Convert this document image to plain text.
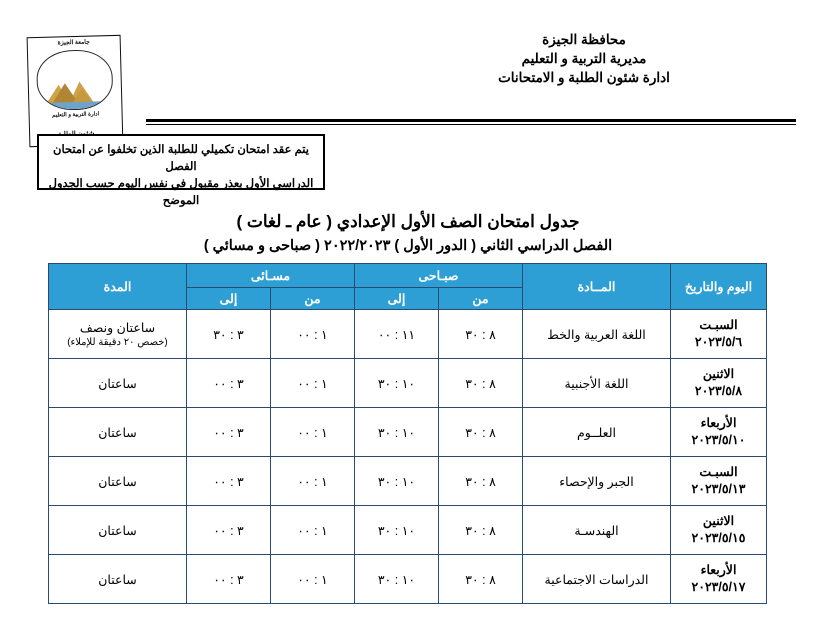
محافظة الجيزة
مديرية التربية و التعليم
ادارة شئون الطلبة و الامتحانات
جامعة الجيزة
ادارة التربية و التعليم

يتم عقد امتحان تكميلي للطلبة الذين تخلفوا عن امتحان الفصل

الدراسي الأول بعذر مقبول في نفس اليوم حسب الجدول الموضح

جدول امتحان الصف الأول الإعدادي ( عام ـ لغات )
الفصل الدراسي الثاني ( الدور الأول ) ٢٠٢٢/٢٠٢٣ ( صباحى و مسائي )
اليوم والتاريخ	المــادة	صبـاحى		مسـائى		المدة
		من	إلى	من	إلى	
السبـت
٢٠٢٣/٥/٦	اللغة العربية والخط	٨ : ٣٠	١١ : ٠٠	١ : ٠٠	٣ : ٣٠	ساعتان ونصف
(خصص ٢٠ دقيقة للإملاء)

الاثنين
٢٠٢٣/٥/٨	اللغة الأجنبية	٨ : ٣٠	١٠ : ٣٠	١ : ٠٠	٣ : ٠٠	ساعتان
الأربعاء
٢٠٢٣/٥/١٠	العلــوم	٨ : ٣٠	١٠ : ٣٠	١ : ٠٠	٣ : ٠٠	ساعتان
السبـت
٢٠٢٣/٥/١٣	الجبر والإحصاء	٨ : ٣٠	١٠ : ٣٠	١ : ٠٠	٣ : ٠٠	ساعتان
الاثنين
٢٠٢٣/٥/١٥	الهندسـة	٨ : ٣٠	١٠ : ٣٠	١ : ٠٠	٣ : ٠٠	ساعتان
الأربعاء
٢٠٢٣/٥/١٧	الدراسات الاجتماعية	٨ : ٣٠	١٠ : ٣٠	١ : ٠٠	٣ : ٠٠	ساعتان
